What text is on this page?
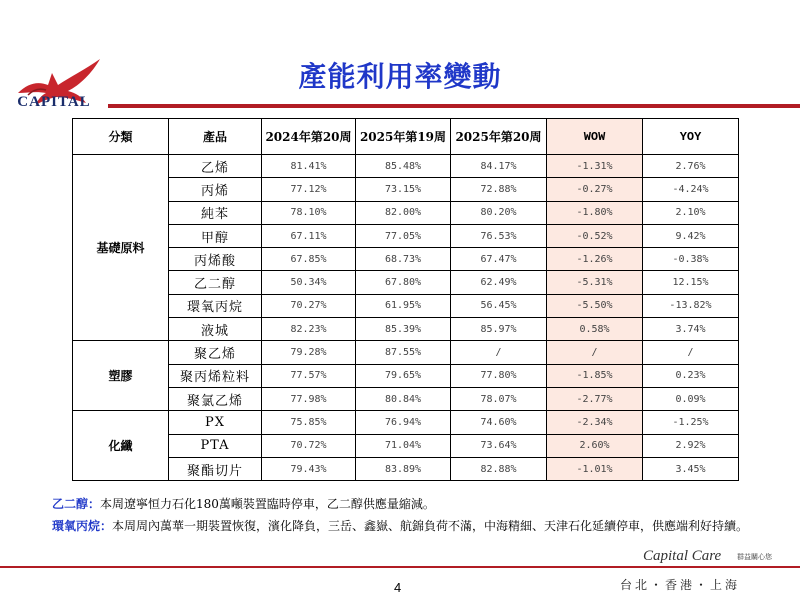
CAPITAL
產能利用率變動
分類	產品	2024年第20周	2025年第19周	2025年第20周	WOW	YOY
基礎原料	乙烯	81.41%	85.48%	84.17%	-1.31%	2.76%
	丙烯	77.12%	73.15%	72.88%	-0.27%	-4.24%
	純苯	78.10%	82.00%	80.20%	-1.80%	2.10%
	甲醇	67.11%	77.05%	76.53%	-0.52%	9.42%
	丙烯酸	67.85%	68.73%	67.47%	-1.26%	-0.38%
	乙二醇	50.34%	67.80%	62.49%	-5.31%	12.15%
	環氧丙烷	70.27%	61.95%	56.45%	-5.50%	-13.82%
	液城	82.23%	85.39%	85.97%	0.58%	3.74%
塑膠	聚乙烯	79.28%	87.55%	/	/	/
	聚丙烯粒料	77.57%	79.65%	77.80%	-1.85%	0.23%
	聚氯乙烯	77.98%	80.84%	78.07%	-2.77%	0.09%
化纖	PX	75.85%	76.94%	74.60%	-2.34%	-1.25%
	PTA	70.72%	71.04%	73.64%	2.60%	2.92%
	聚酯切片	79.43%	83.89%	82.88%	-1.01%	3.45%
乙二醇：本周遼寧恒力石化180萬噸裝置臨時停車，乙二醇供應量縮減。
環氧丙烷：本周周內萬華一期裝置恢復，濱化降負，三岳、鑫嶽、航錦負荷不滿，中海精細、天津石化延續停車，供應端利好持續。
Capital Care 群益關心您
4	台北・香港・上海
